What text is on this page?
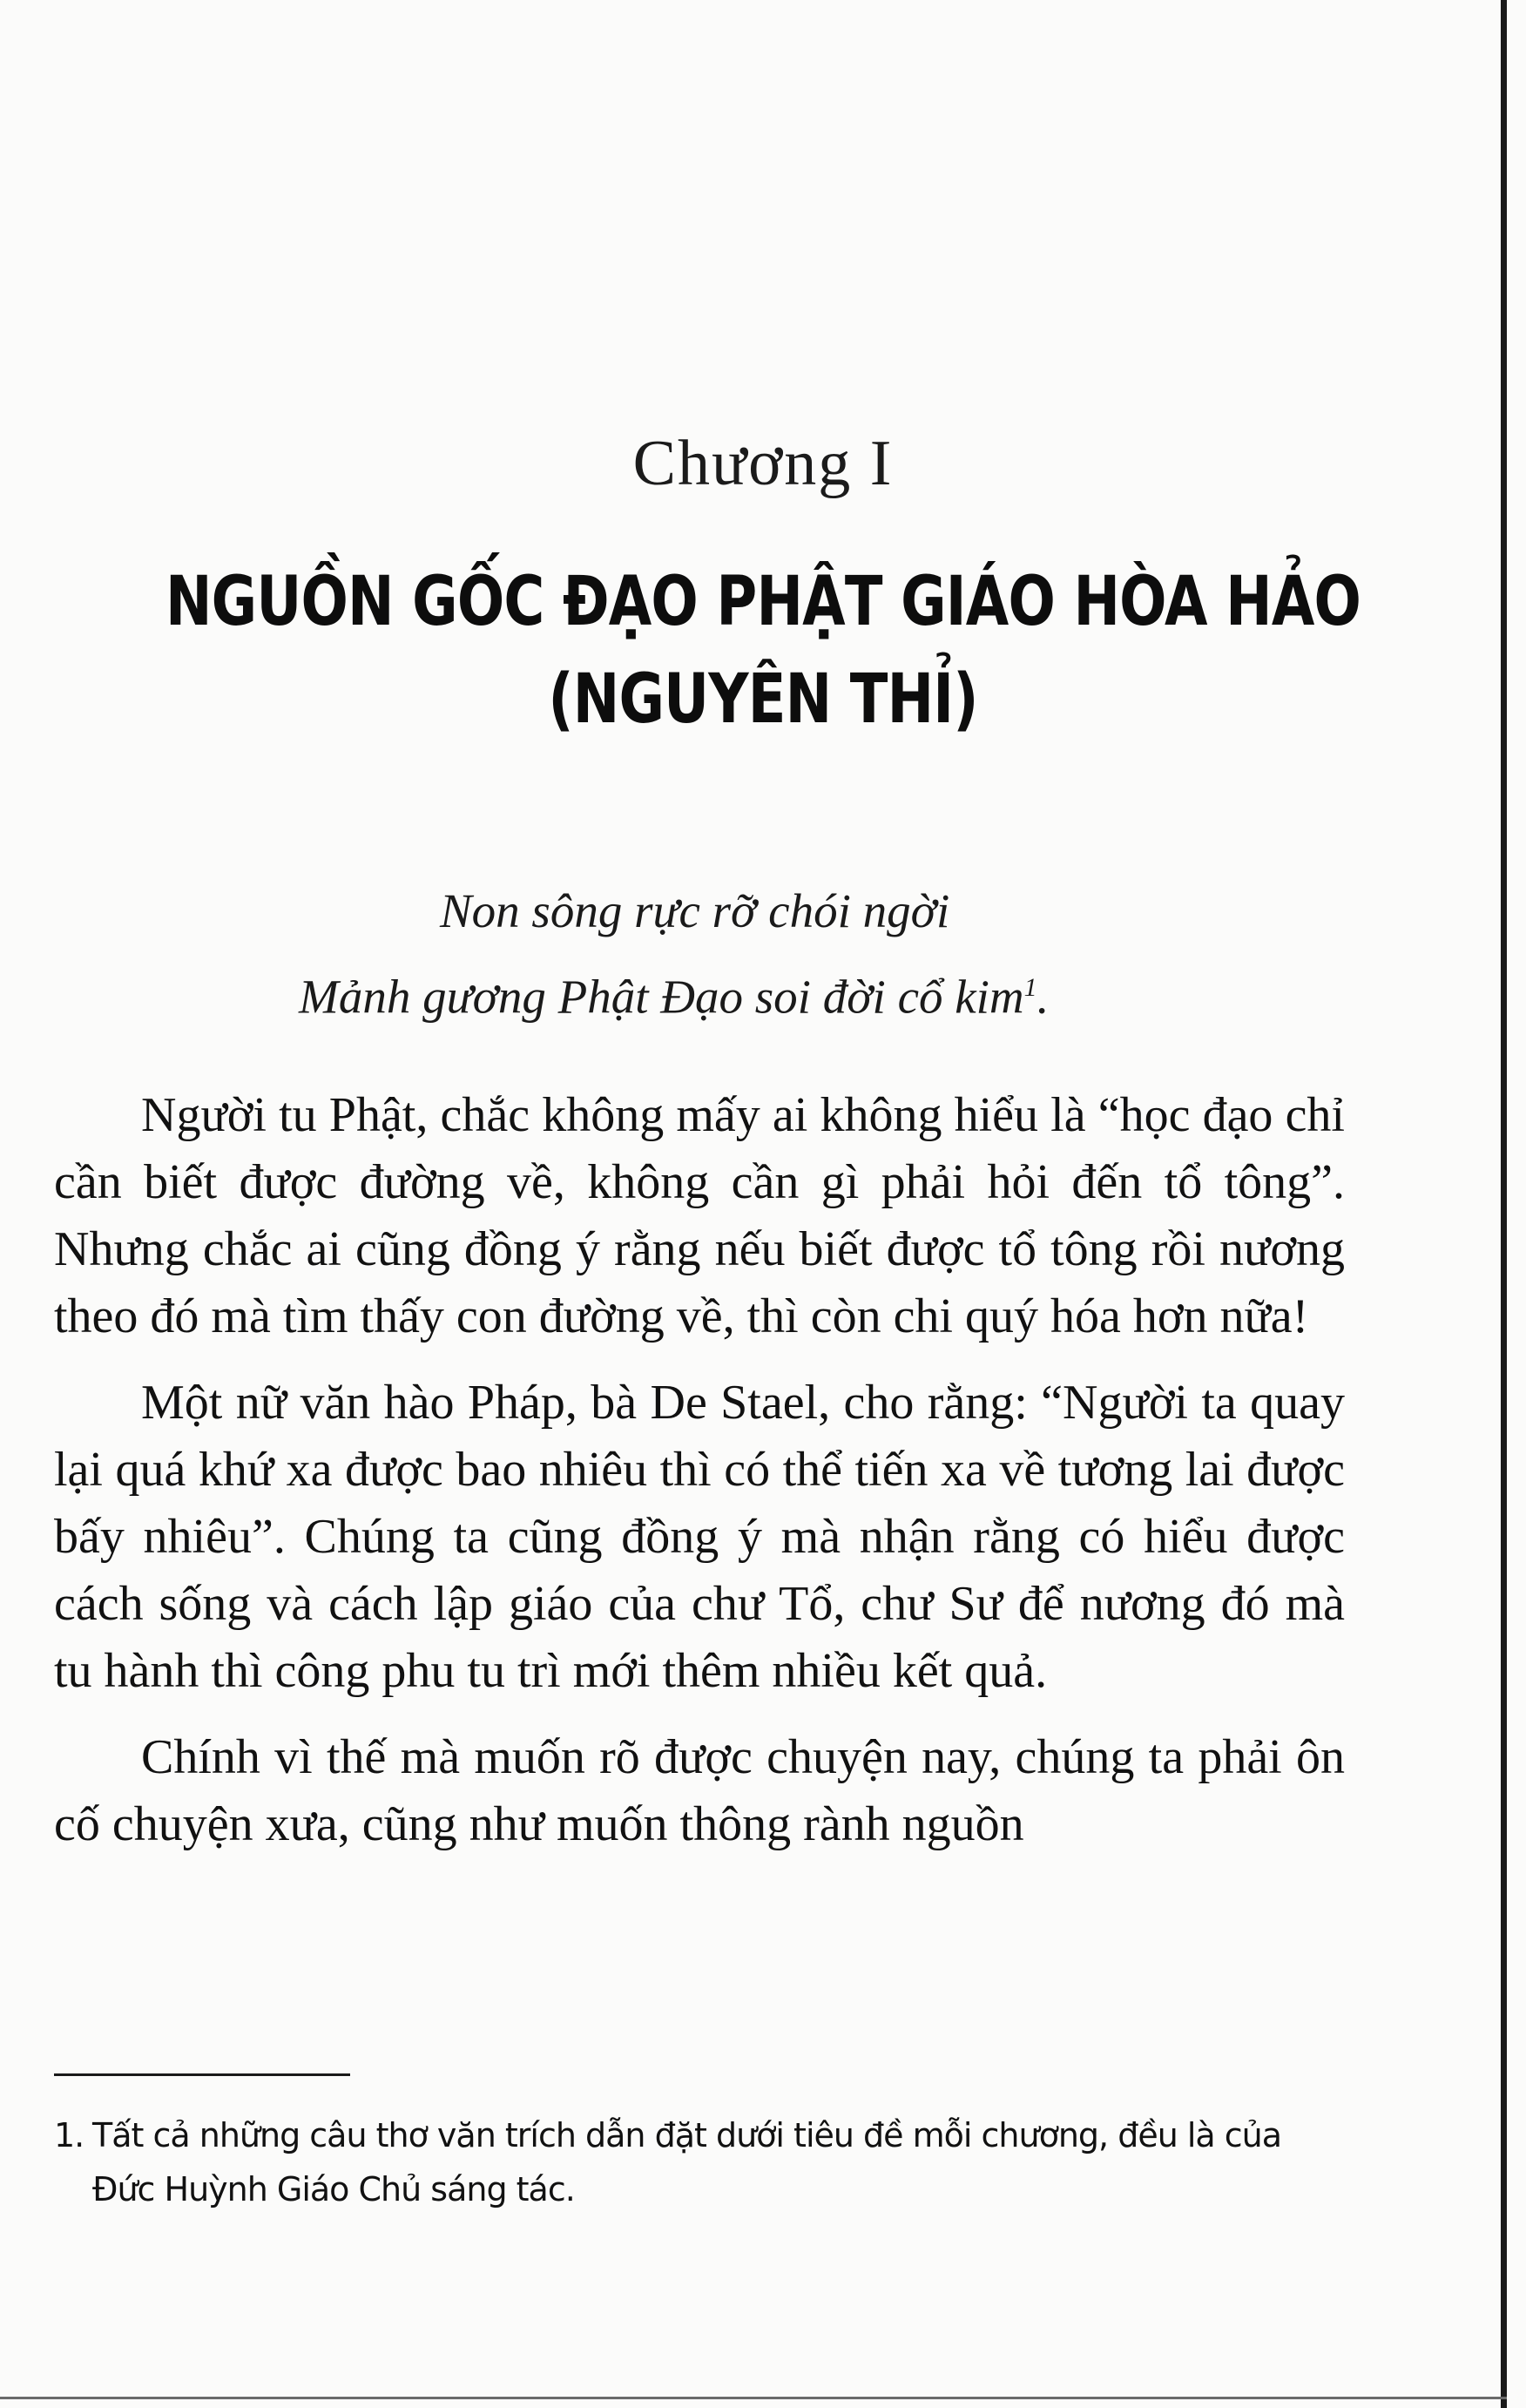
Chương I
NGUỒN GỐC ĐẠO PHẬT GIÁO HÒA HẢO
(NGUYÊN THỈ)
Non sông rực rỡ chói ngời
Mảnh gương Phật Đạo soi đời cổ kim$^1$.

Người tu Phật, chắc không mấy ai không hiểu là “học đạo chỉ cần biết được đường về, không cần gì phải hỏi đến tổ tông”. Nhưng chắc ai cũng đồng ý rằng nếu biết được tổ tông rồi nương theo đó mà tìm thấy con đường về, thì còn chi quý hóa hơn nữa!

Một nữ văn hào Pháp, bà De Stael, cho rằng: “Người ta quay lại quá khứ xa được bao nhiêu thì có thể tiến xa về tương lai được bấy nhiêu”. Chúng ta cũng đồng ý mà nhận rằng có hiểu được cách sống và cách lập giáo của chư Tổ, chư Sư để nương đó mà tu hành thì công phu tu trì mới thêm nhiều kết quả.

Chính vì thế mà muốn rõ được chuyện nay, chúng ta phải ôn cố chuyện xưa, cũng như muốn thông rành nguồn

1. Tất cả những câu thơ văn trích dẫn đặt dưới tiêu đề mỗi chương, đều là của
Đức Huỳnh Giáo Chủ sáng tác.
